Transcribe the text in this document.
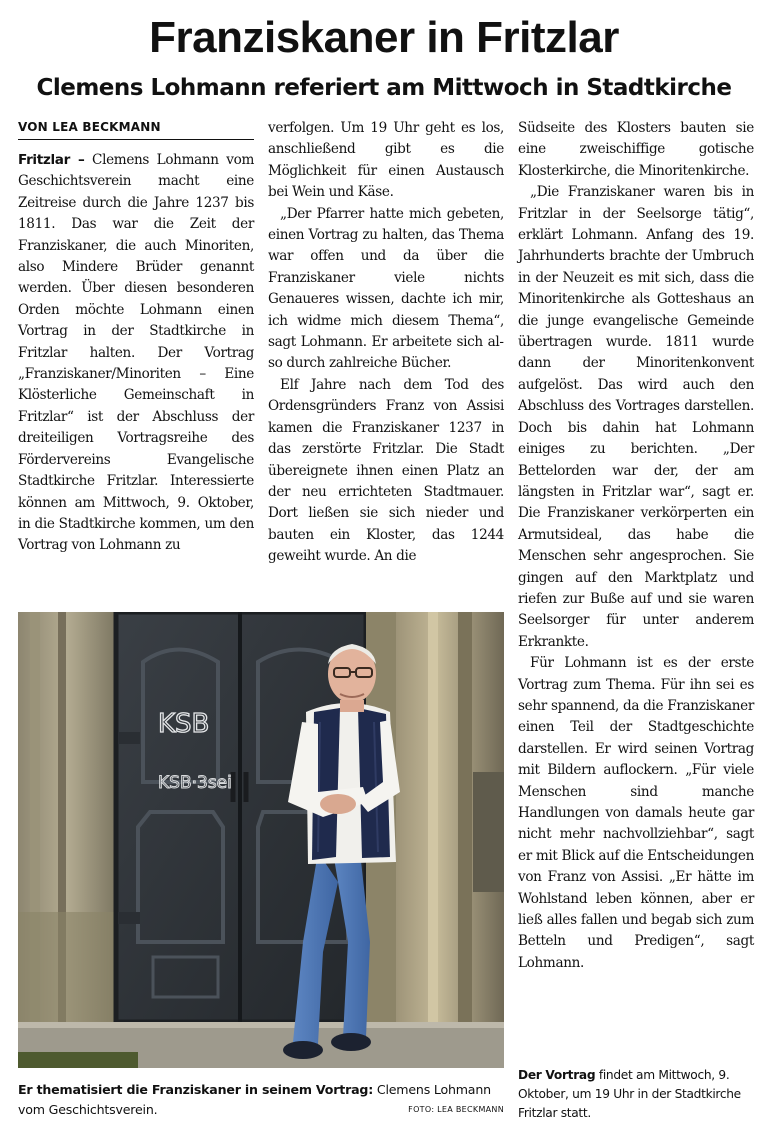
Franziskaner in Fritzlar
Clemens Lohmann referiert am Mittwoch in Stadtkirche
VON LEA BECKMANN

Fritzlar – Clemens Lohmann vom Geschichtsverein macht eine Zeitreise durch die Jahre 1237 bis 1811. Das war die Zeit der Franziskaner, die auch Minoriten, also Mindere Brüder genannt werden. Über diesen besonderen Orden möchte Lohmann einen Vortrag in der Stadtkirche in Fritzlar halten. Der Vortrag „Franziskaner/Minoriten – Eine Klösterliche Gemeinschaft in Fritzlar“ ist der Abschluss der dreiteiligen Vortragsreihe des Fördervereins Evangelische Stadtkirche Fritzlar. Interessierte können am Mittwoch, 9. Oktober, in die Stadtkirche kommen, um den Vortrag von Lohmann zu

verfolgen. Um 19 Uhr geht es los, anschließend gibt es die Möglichkeit für einen Austausch bei Wein und Käse.

„Der Pfarrer hatte mich gebeten, einen Vortrag zu halten, das Thema war offen und da über die Franziskaner viele nichts Genaueres wissen, dachte ich mir, ich widme mich diesem Thema“, sagt Lohmann. Er arbeitete sich also durch zahlreiche Bücher.

Elf Jahre nach dem Tod des Ordensgründers Franz von Assisi kamen die Franziskaner 1237 in das zerstörte Fritzlar. Die Stadt übereignete ihnen einen Platz an der neu errichteten Stadtmauer. Dort ließen sie sich nieder und bauten ein Kloster, das 1244 geweiht wurde. An die

Südseite des Klosters bauten sie eine zweischiffige gotische Klosterkirche, die Minoritenkirche.

„Die Franziskaner waren bis in Fritzlar in der Seelsorge tätig“, erklärt Lohmann. Anfang des 19. Jahrhunderts brachte der Umbruch in der Neuzeit es mit sich, dass die Minoritenkirche als Gotteshaus an die junge evangelische Gemeinde übertragen wurde. 1811 wurde dann der Minoritenkonvent aufgelöst. Das wird auch den Abschluss des Vortrages darstellen. Doch bis dahin hat Lohmann einiges zu berichten. „Der Bettelorden war der, der am längsten in Fritzlar war“, sagt er. Die Franziskaner verkörperten ein Armutsideal, das habe die Menschen sehr angesprochen. Sie gingen auf den Marktplatz und riefen zur Buße auf und sie waren Seelsorger für unter anderem Erkrankte.

Für Lohmann ist es der erste Vortrag zum Thema. Für ihn sei es sehr spannend, da die Franziskaner einen Teil der Stadtgeschichte darstellen. Er wird seinen Vortrag mit Bildern auflockern. „Für viele Menschen sind manche Handlungen von damals heute gar nicht mehr nachvollziehbar“, sagt er mit Blick auf die Entscheidungen von Franz von Assisi. „Er hätte im Wohlstand leben können, aber er ließ alles fallen und begab sich zum Betteln und Predigen“, sagt Lohmann.

KSB
KSB·3sei
Er thematisiert die Franziskaner in seinem Vortrag: Clemens Lohmann vom Geschichtsverein.	FOTO: LEA BECKMANN
Der Vortrag findet am Mittwoch, 9. Oktober, um 19 Uhr in der Stadtkirche Fritzlar statt.
